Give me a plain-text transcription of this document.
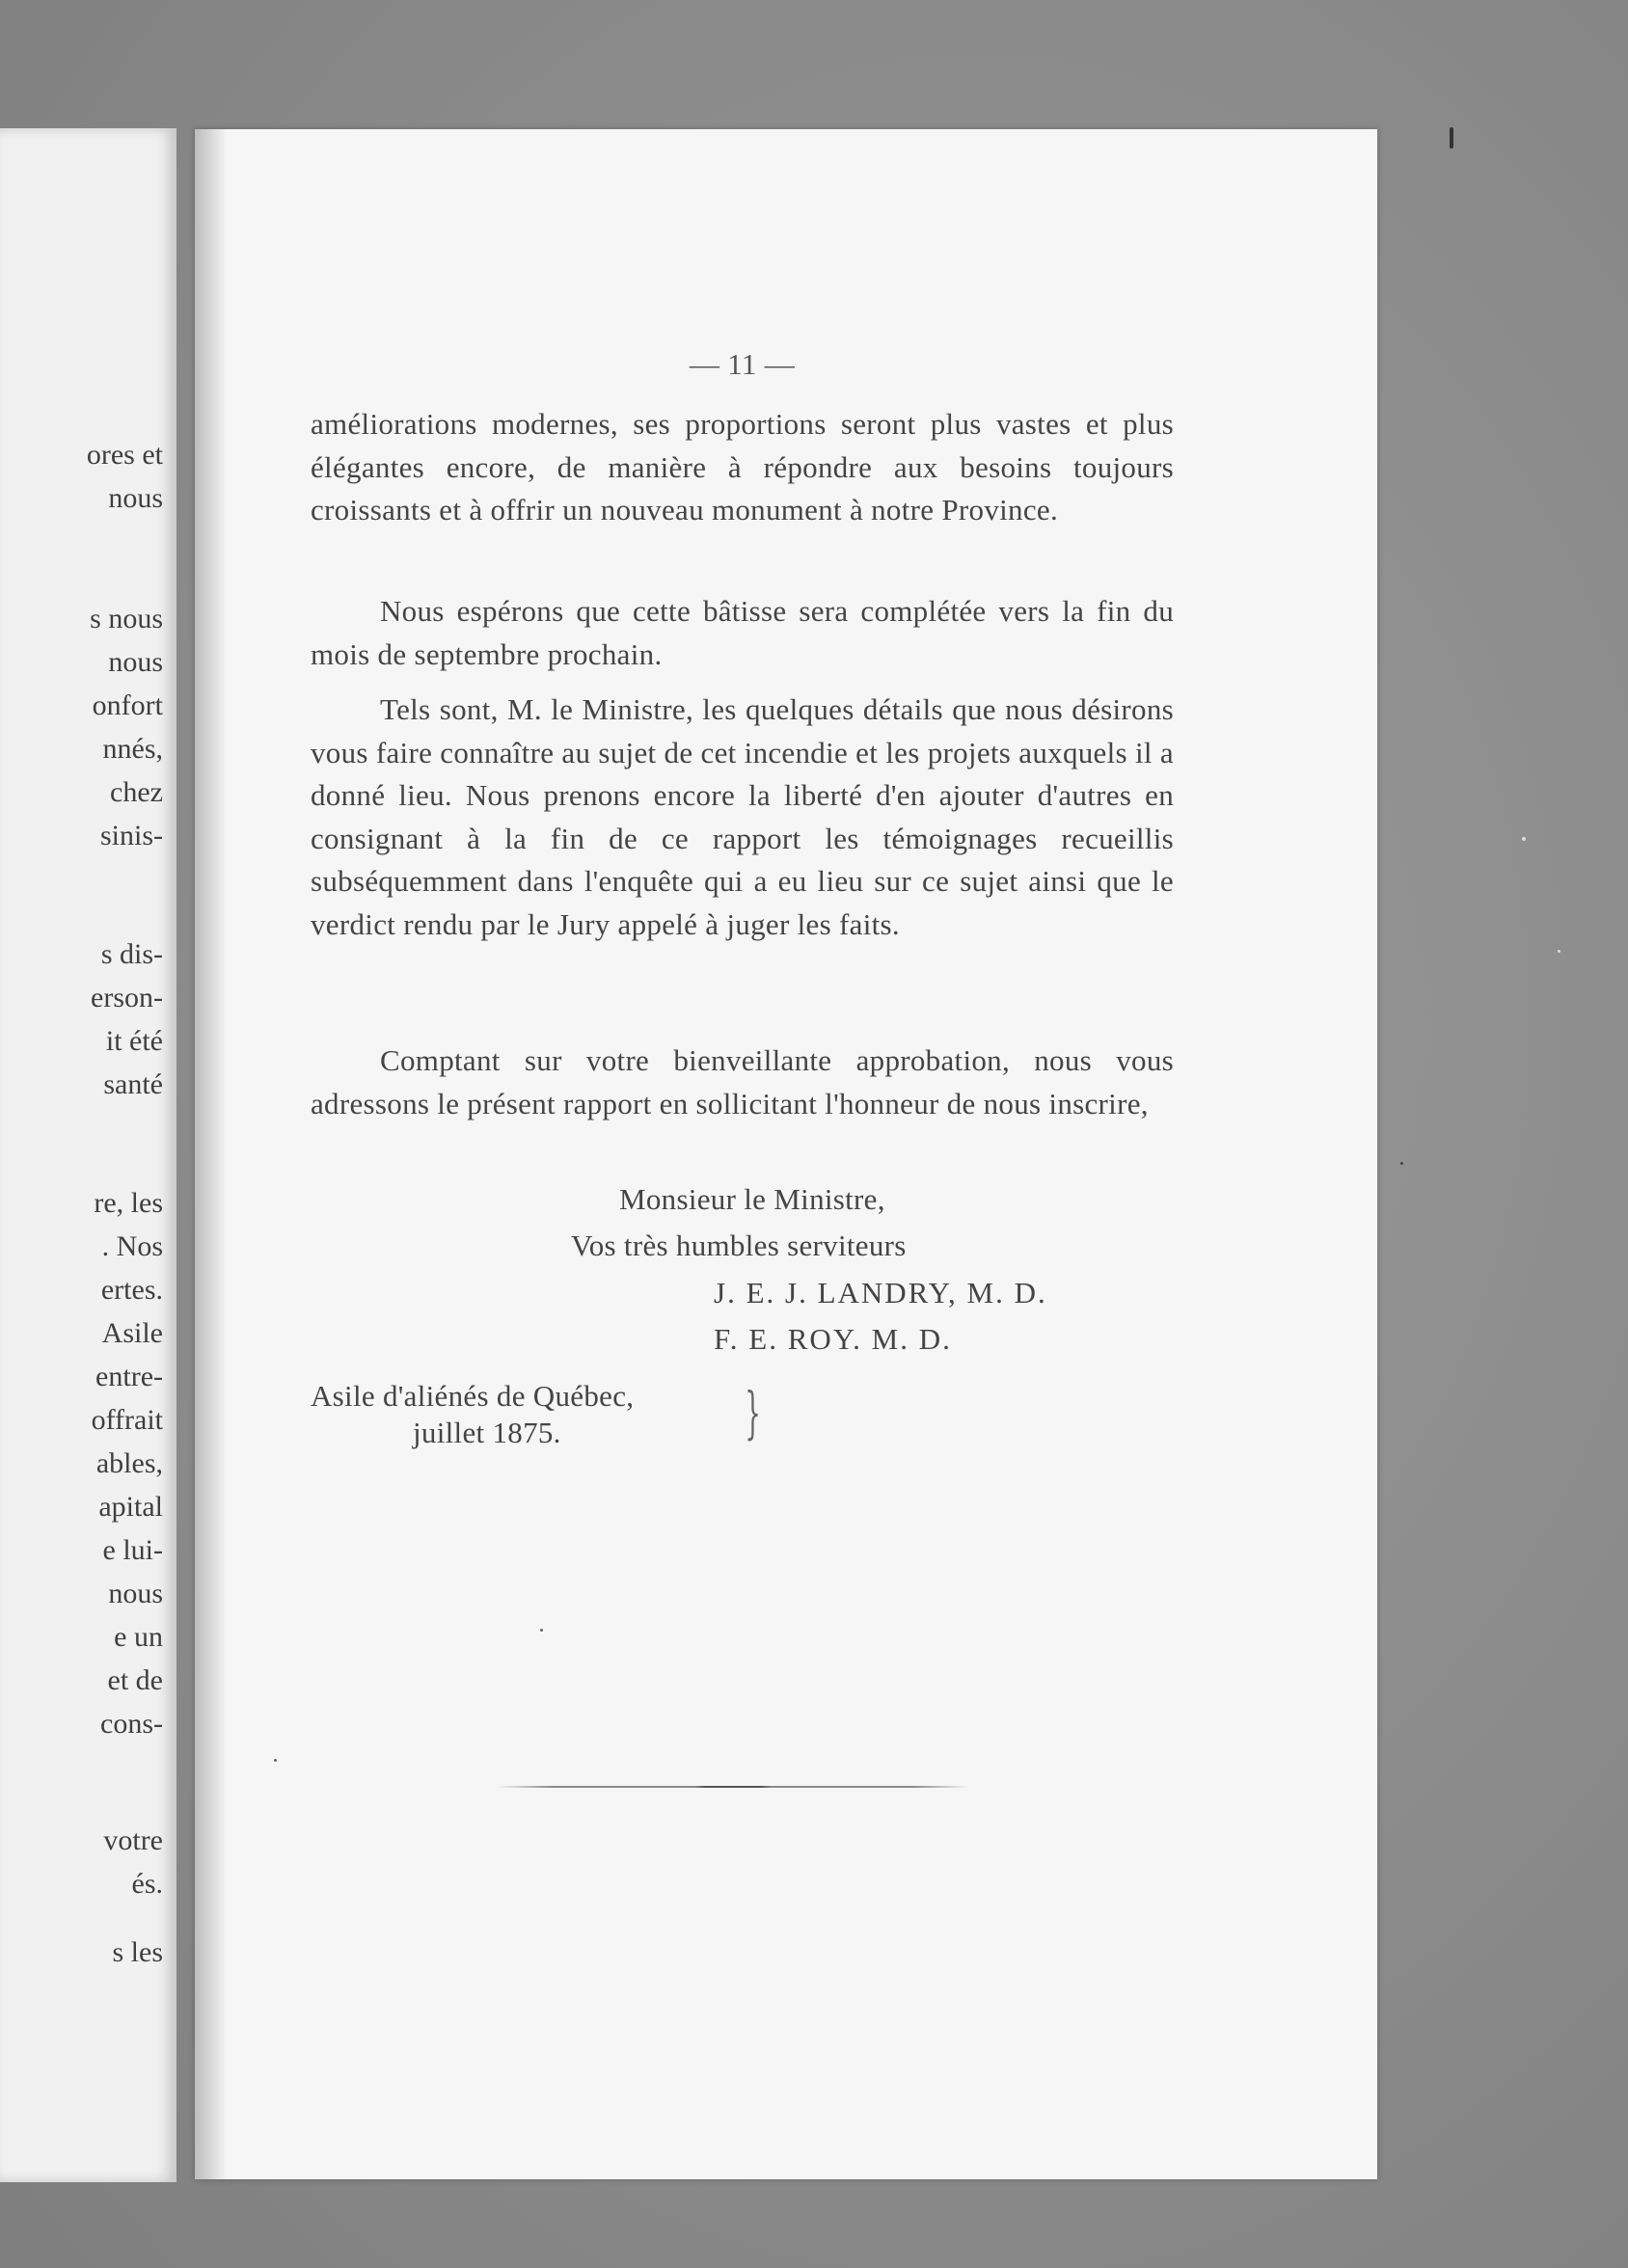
ores et
nous
s nous
nous
onfort
nnés,
chez
sinis-
s dis-
erson-
it été
santé
re, les
. Nos
ertes.
Asile
entre-
offrait
ables,
apital
e lui-
nous
e un
et de
cons-
votre
és.
s les
— 11 —
améliorations modernes, ses proportions seront plus vastes et plus élégantes encore, de manière à répondre aux besoins toujours croissants et à offrir un nouveau monument à notre Province.
Nous espérons que cette bâtisse sera complétée vers la fin du mois de septembre prochain.
Tels sont, M. le Ministre, les quelques détails que nous désirons vous faire connaître au sujet de cet incendie et les projets auxquels il a donné lieu. Nous prenons encore la liberté d'en ajouter d'autres en consignant à la fin de ce rapport les témoignages recueillis subséquemment dans l'enquête qui a eu lieu sur ce sujet ainsi que le verdict rendu par le Jury appelé à juger les faits.
Comptant sur votre bienveillante approbation, nous vous adressons le présent rapport en sollicitant l'honneur de nous inscrire,
Monsieur le Ministre,
Vos très humbles serviteurs
J. E. J. LANDRY, M. D.
F. E. ROY. M. D.
Asile d'aliénés de Québec,
juillet 1875.	}
